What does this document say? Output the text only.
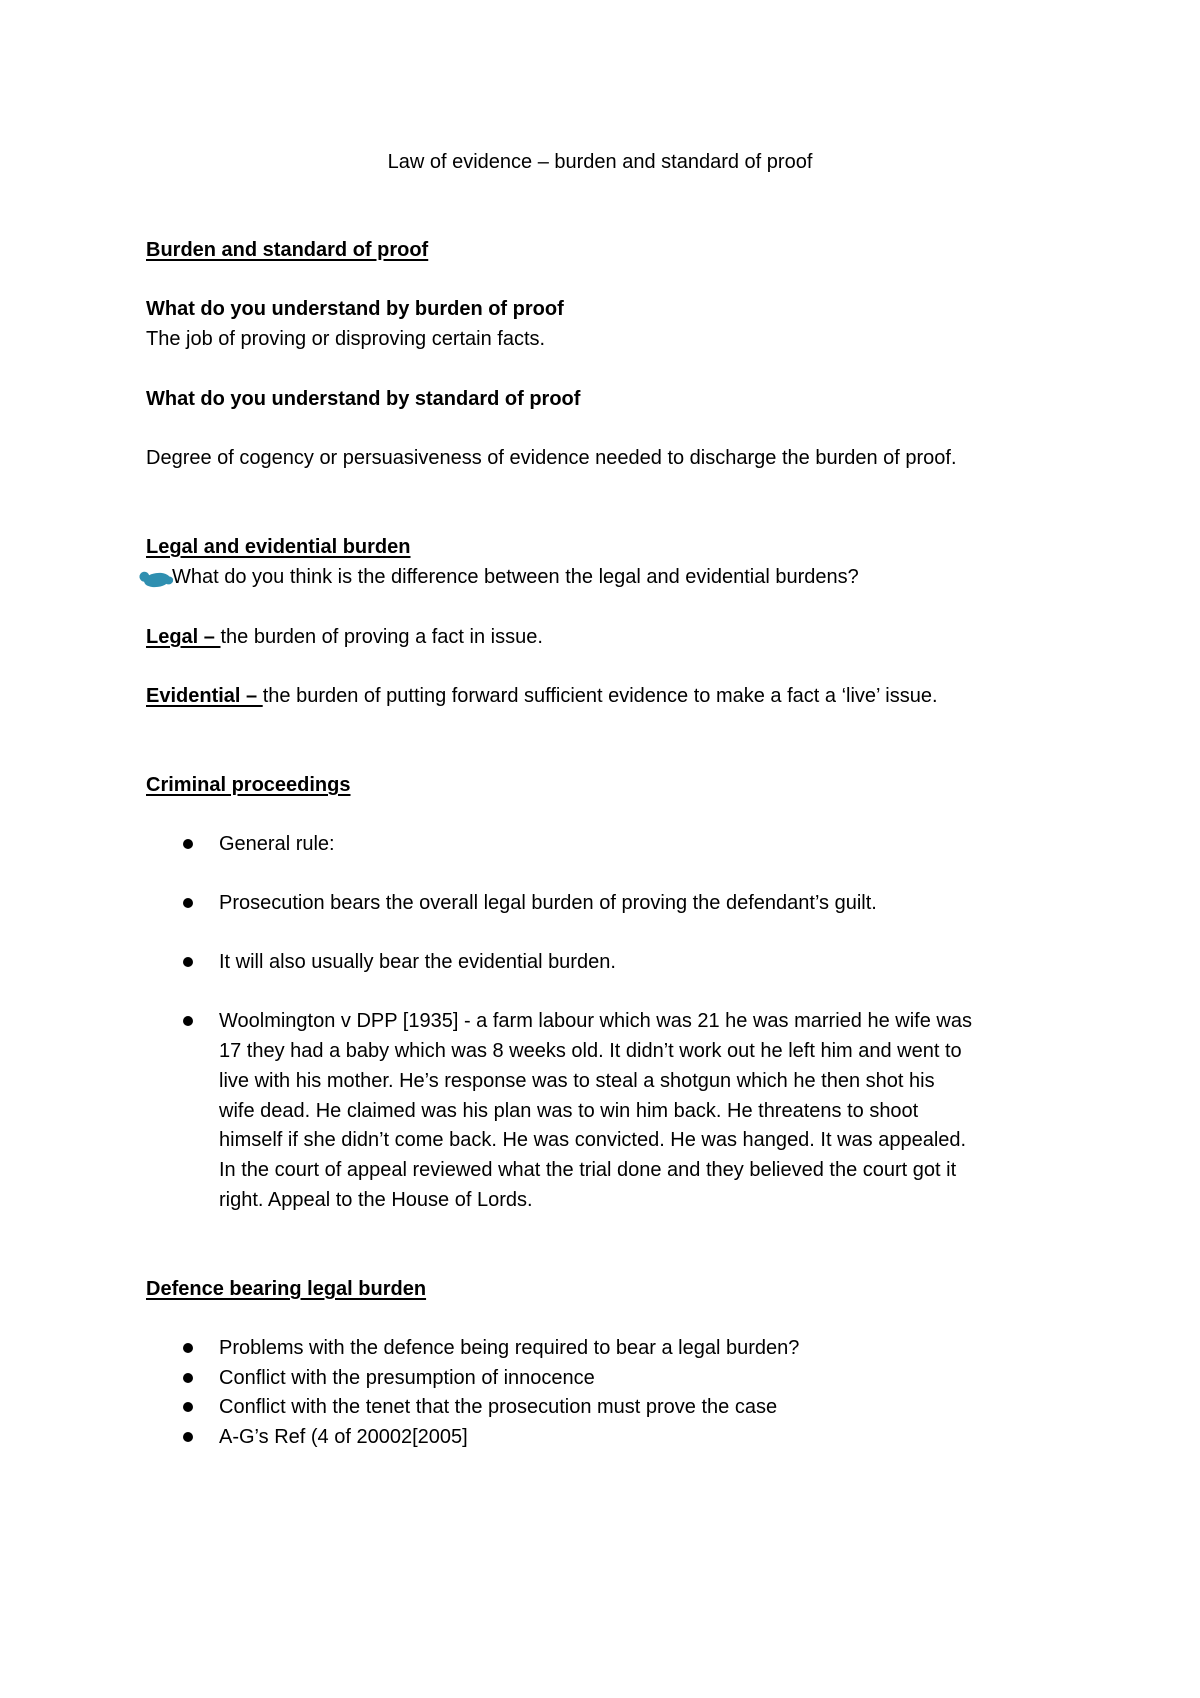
Law of evidence – burden and standard of proof
Burden and standard of proof
What do you understand by burden of proof
The job of proving or disproving certain facts.
What do you understand by standard of proof
Degree of cogency or persuasiveness of evidence needed to discharge the burden of proof.
Legal and evidential burden
What do you think is the difference between the legal and evidential burdens?
Legal – the burden of proving a fact in issue.
Evidential – the burden of putting forward sufficient evidence to make a fact a ‘live’ issue.
Criminal proceedings
General rule:
Prosecution bears the overall legal burden of proving the defendant’s guilt.
It will also usually bear the evidential burden.
Woolmington v DPP [1935] - a farm labour which was 21 he was married he wife was
17 they had a baby which was 8 weeks old. It didn’t work out he left him and went to
live with his mother. He’s response was to steal a shotgun which he then shot his
wife dead. He claimed was his plan was to win him back. He threatens to shoot
himself if she didn’t come back. He was convicted. He was hanged. It was appealed.
In the court of appeal reviewed what the trial done and they believed the court got it
right. Appeal to the House of Lords.
Defence bearing legal burden
Problems with the defence being required to bear a legal burden?
Conflict with the presumption of innocence
Conflict with the tenet that the prosecution must prove the case
A-G’s Ref (4 of 20002[2005]
